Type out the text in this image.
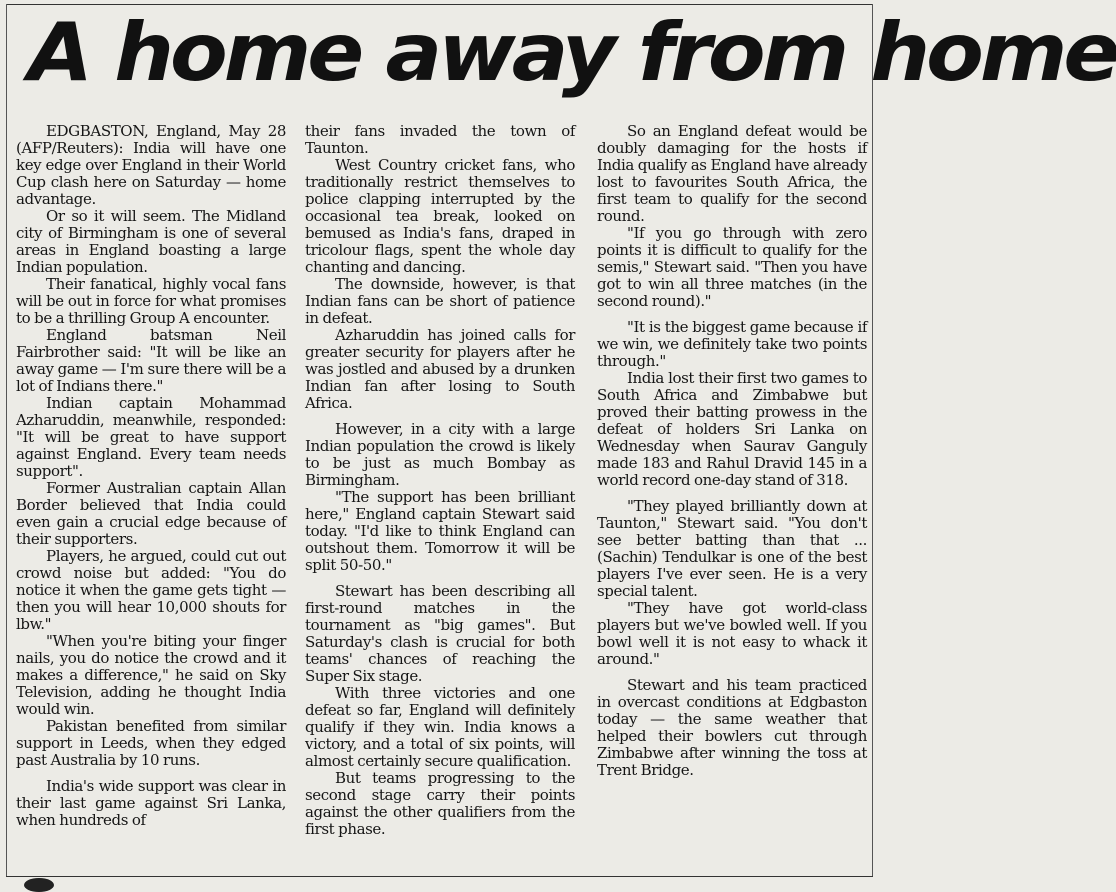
A home away from home

EDGBASTON, England, May 28 (AFP/Reuters): India will have one key edge over England in their World Cup clash here on Saturday — home advantage.

Or so it will seem. The Midland city of Birmingham is one of several areas in England boasting a large Indian population.

Their fanatical, highly vocal fans will be out in force for what promises to be a thrilling Group A encounter.

England batsman Neil Fairbrother said: "It will be like an away game — I'm sure there will be a lot of Indians there."

Indian captain Mohammad Azharuddin, meanwhile, responded: "It will be great to have support against England. Every team needs support".

Former Australian captain Allan Border believed that India could even gain a crucial edge because of their supporters.

Players, he argued, could cut out crowd noise but added: "You do notice it when the game gets tight — then you will hear 10,000 shouts for lbw."

"When you're biting your finger nails, you do notice the crowd and it makes a difference," he said on Sky Television, adding he thought India would win.

Pakistan benefited from similar support in Leeds, when they edged past Australia by 10 runs.

India's wide support was clear in their last game against Sri Lanka, when hundreds of

their fans invaded the town of Taunton.

West Country cricket fans, who traditionally restrict themselves to police clapping interrupted by the occasional tea break, looked on bemused as India's fans, draped in tricolour flags, spent the whole day chanting and dancing.

The downside, however, is that Indian fans can be short of patience in defeat.

Azharuddin has joined calls for greater security for players after he was jostled and abused by a drunken Indian fan after losing to South Africa.

However, in a city with a large Indian population the crowd is likely to be just as much Bombay as Birmingham.

"The support has been brilliant here," England captain Stewart said today. "I'd like to think England can outshout them. Tomorrow it will be split 50-50."

Stewart has been describing all first-round matches in the tournament as "big games". But Saturday's clash is crucial for both teams' chances of reaching the Super Six stage.

With three victories and one defeat so far, England will definitely qualify if they win. India knows a victory, and a total of six points, will almost certainly secure qualification.

But teams progressing to the second stage carry their points against the other qualifiers from the first phase.

So an England defeat would be doubly damaging for the hosts if India qualify as England have already lost to favourites South Africa, the first team to qualify for the second round.

"If you go through with zero points it is difficult to qualify for the semis," Stewart said. "Then you have got to win all three matches (in the second round)."

"It is the biggest game because if we win, we definitely take two points through."

India lost their first two games to South Africa and Zimbabwe but proved their batting prowess in the defeat of holders Sri Lanka on Wednesday when Saurav Ganguly made 183 and Rahul Dravid 145 in a world record one-day stand of 318.

"They played brilliantly down at Taunton," Stewart said. "You don't see better batting than that ... (Sachin) Tendulkar is one of the best players I've ever seen. He is a very special talent.

"They have got world-class players but we've bowled well. If you bowl well it is not easy to whack it around."

Stewart and his team practiced in overcast conditions at Edgbaston today — the same weather that helped their bowlers cut through Zimbabwe after winning the toss at Trent Bridge.
